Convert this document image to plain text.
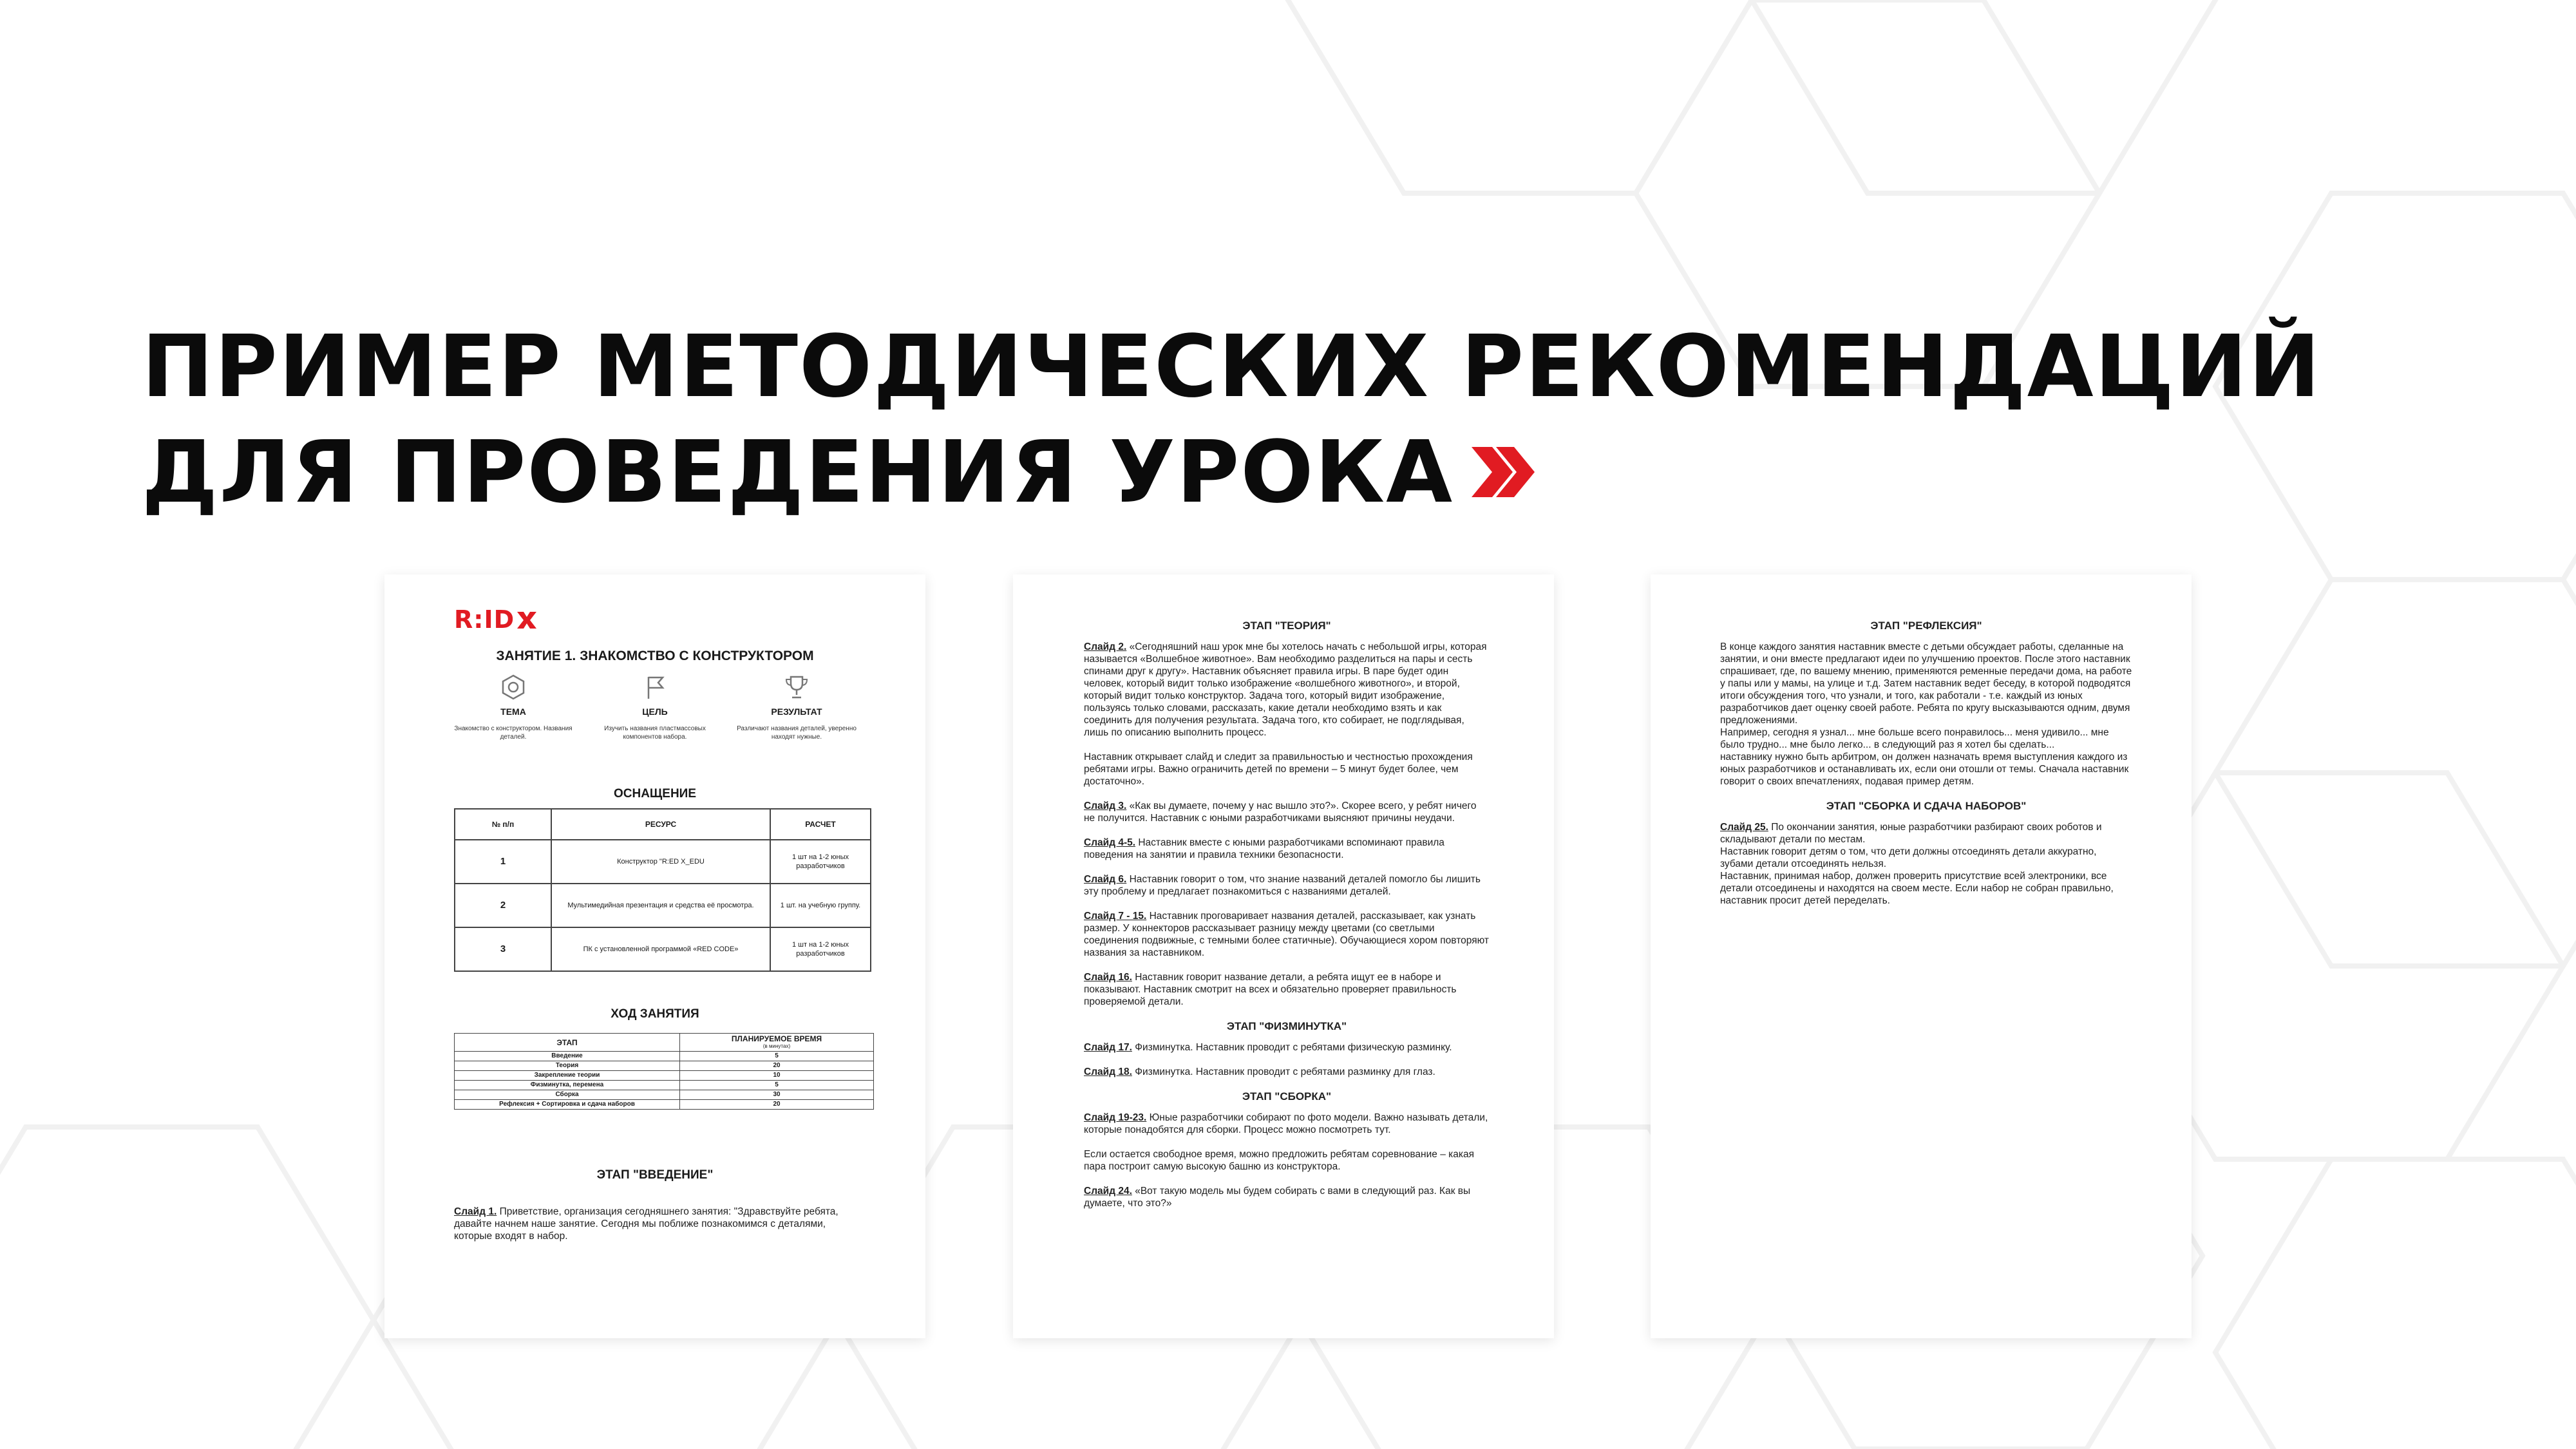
ПРИМЕР МЕТОДИЧЕСКИХ РЕКОМЕНДАЦИЙ
ДЛЯ ПРОВЕДЕНИЯ УРОКА
R:ID
ЗАНЯТИЕ 1. ЗНАКОМСТВО С КОНСТРУКТОРОМ
ТЕМА
Знакомство с конструктором. Названия деталей.
ЦЕЛЬ
Изучить названия пластмассовых компонентов набора.
РЕЗУЛЬТАТ
Различают названия деталей, уверенно находят нужные.
ОСНАЩЕНИЕ
№ п/п	РЕСУРС	РАСЧЕТ
1	Конструктор "R:ED X_EDU	1 шт на 1-2 юных разработчиков
2	Мультимедийная презентация и средства её просмотра.	1 шт. на учебную группу.
3	ПК с установленной программой «RED CODE»	1 шт на 1-2 юных разработчиков
ХОД ЗАНЯТИЯ
ЭТАП	ПЛАНИРУЕМОЕ ВРЕМЯ
(в минутах)

Введение	5
Теория	20
Закрепление теории	10
Физминутка, перемена	5
Сборка	30
Рефлексия + Сортировка и сдача наборов	20
ЭТАП "ВВЕДЕНИЕ"
Слайд 1. Приветствие, организация сегодняшнего занятия: "Здравствуйте ребята, давайте начнем наше занятие. Сегодня мы поближе познакомимся с деталями, которые входят в набор.
ЭТАП "ТЕОРИЯ"

Слайд 2. «Сегодняшний наш урок мне бы хотелось начать с небольшой игры, которая называется «Волшебное животное». Вам необходимо разделиться на пары и сесть спинами друг к другу». Наставник объясняет правила игры. В паре будет один человек, который видит только изображение «волшебного животного», и второй, который видит только конструктор. Задача того, который видит изображение, пользуясь только словами, рассказать, какие детали необходимо взять и как соединить для получения результата. Задача того, кто собирает, не подглядывая, лишь по описанию выполнить процесс.

Наставник открывает слайд и следит за правильностью и честностью прохождения ребятами игры. Важно ограничить детей по времени – 5 минут будет более, чем достаточно».

Слайд 3. «Как вы думаете, почему у нас вышло это?». Скорее всего, у ребят ничего не получится. Наставник с юными разработчиками выясняют причины неудачи.

Слайд 4-5. Наставник вместе с юными разработчиками вспоминают правила поведения на занятии и правила техники безопасности.

Слайд 6. Наставник говорит о том, что знание названий деталей помогло бы лишить эту проблему и предлагает познакомиться с названиями деталей.

Слайд 7 - 15. Наставник проговаривает названия деталей, рассказывает, как узнать размер. У коннекторов рассказывает разницу между цветами (со светлыми соединения подвижные, с темными более статичные). Обучающиеся хором повторяют названия за наставником.

Слайд 16. Наставник говорит название детали, а ребята ищут ее в наборе и показывают. Наставник смотрит на всех и обязательно проверяет правильность проверяемой детали.

ЭТАП "ФИЗМИНУТКА"

Слайд 17. Физминутка. Наставник проводит с ребятами физическую разминку.

Слайд 18. Физминутка. Наставник проводит с ребятами разминку для глаз.

ЭТАП "СБОРКА"

Слайд 19-23. Юные разработчики собирают по фото модели. Важно называть детали, которые понадобятся для сборки. Процесс можно посмотреть тут.

Если остается свободное время, можно предложить ребятам соревнование – какая пара построит самую высокую башню из конструктора.

Слайд 24. «Вот такую модель мы будем собирать с вами в следующий раз. Как вы думаете, что это?»

ЭТАП "РЕФЛЕКСИЯ"
В конце каждого занятия наставник вместе с детьми обсуждает работы, сделанные на занятии, и они вместе предлагают идеи по улучшению проектов. После этого наставник спрашивает, где, по вашему мнению, применяются ременные передачи дома, на работе у папы или у мамы, на улице и т.д. Затем наставник ведет беседу, в которой подводятся итоги обсуждения того, что узнали, и того, как работали - т.е. каждый из юных разработчиков дает оценку своей работе. Ребята по кругу высказываются одним, двумя предложениями.
Например, сегодня я узнал... мне больше всего понравилось... меня удивило... мне было трудно... мне было легко... в следующий раз я хотел бы сделать...

наставнику нужно быть арбитром, он должен назначать время выступления каждого из юных разработчиков и останавливать их, если они отошли от темы. Сначала наставник говорит о своих впечатлениях, подавая пример детям.

ЭТАП "СБОРКА И СДАЧА НАБОРОВ"
Слайд 25. По окончании занятия, юные разработчики разбирают своих роботов и складывают детали по местам.
Наставник говорит детям о том, что дети должны отсоединять детали аккуратно, зубами детали отсоединять нельзя.
Наставник, принимая набор, должен проверить присутствие всей электроники, все детали отсоединены и находятся на своем месте. Если набор не собран правильно, наставник просит детей переделать.
